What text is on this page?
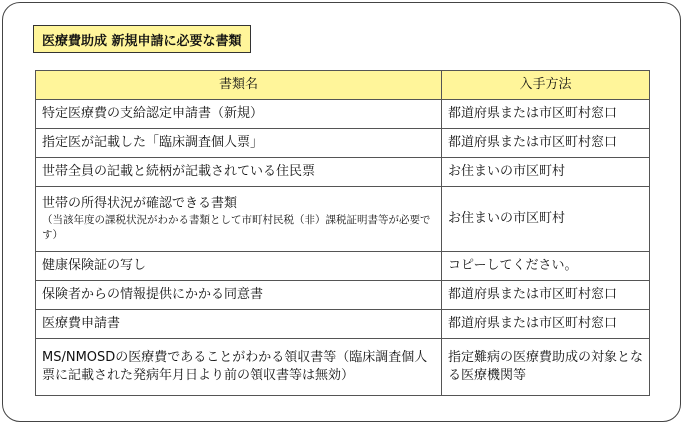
医療費助成 新規申請に必要な書類
書類名	入手方法
特定医療費の支給認定申請書（新規）	都道府県または市区町村窓口
指定医が記載した「臨床調査個人票」	都道府県または市区町村窓口
世帯全員の記載と続柄が記載されている住民票	お住まいの市区町村
世帯の所得状況が確認できる書類
（当該年度の課税状況がわかる書類として市町村民税（非）課税証明書等が必要です）	お住まいの市区町村
健康保険証の写し	コピーしてください。
保険者からの情報提供にかかる同意書	都道府県または市区町村窓口
医療費申請書	都道府県または市区町村窓口
MS/NMOSDの医療費であることがわかる領収書等（臨床調査個人票に記載された発病年月日より前の領収書等は無効）	指定難病の医療費助成の対象となる医療機関等
